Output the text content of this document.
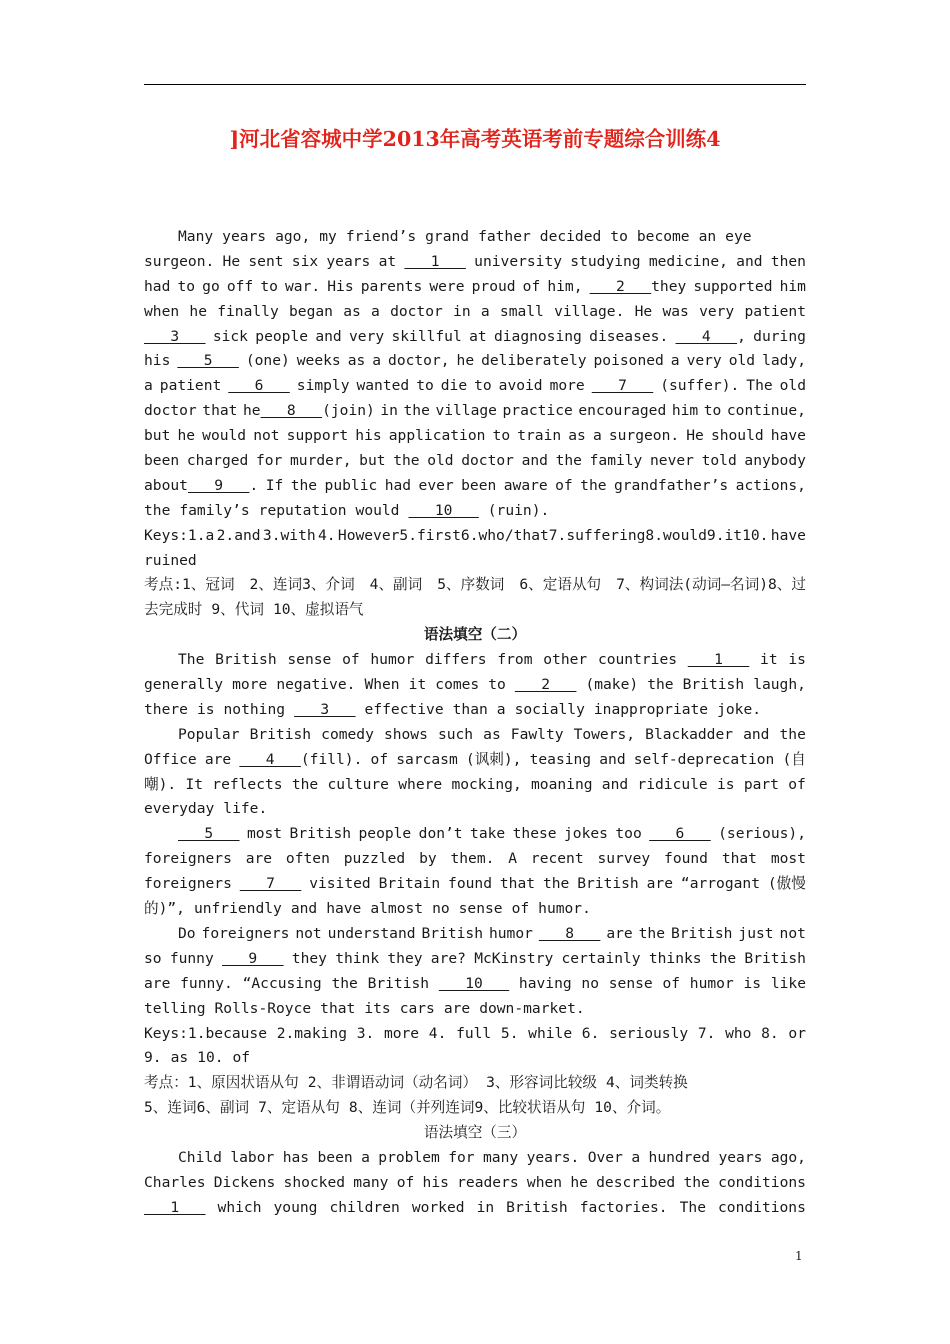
]河北省容城中学2013年高考英语考前专题综合训练4
Many years ago, my friend’s grand father decided to become an eye
surgeon. He sent six years at 1 university studying medicine, and then
had to go off to war. His parents were proud of him, 2   they supported him
when he finally began as a doctor in a small village. He was very patient
3 sick people and very skillful at diagnosing diseases. 4   , during
his 5 (one) weeks as a doctor, he deliberately poisoned a very old lady,
a patient 6 simply wanted to die to avoid more 7 (suffer). The old
doctor that he   8   (join) in the village practice encouraged him to continue,
but he would not support his application to train as a surgeon. He should have
been charged for murder, but the old doctor and the family never told anybody
about   9   . If the public had ever been aware of the grandfather’s actions,
the family’s reputation would 10 (ruin).
Keys:1.a 2.and 3.with 4. However5.first6.who/that7.suffering8.would9.it10. have
ruined
考点:1、冠词 2、连词3、介词 4、副词 5、序数词 6、定语从句 7、构词法(动词—名词)8、过
去完成时 9、代词 10、虚拟语气
语法填空（二）
The British sense of humor differs from other countries 1 it is
generally more negative. When it comes to 2 (make) the British laugh,
there is nothing 3 effective than a socially inappropriate joke.
Popular British comedy shows such as Fawlty Towers, Blackadder and the
Office are 4   (fill). of sarcasm (讽刺), teasing and self-deprecation (自
嘲). It reflects the culture where mocking, moaning and ridicule is part of
everyday life.
5 most British people don’t take these jokes too 6 (serious),
foreigners are often puzzled by them. A recent survey found that most
foreigners 7 visited Britain found that the British are “arrogant (傲慢
的)”, unfriendly and have almost no sense of humor.
Do foreigners not understand British humor 8 are the British just not
so funny 9 they think they are? McKinstry certainly thinks the British
are funny. “Accusing the British 10 having no sense of humor is like
telling Rolls-Royce that its cars are down-market.
Keys:1.because 2.making 3. more 4. full 5. while 6. seriously 7. who 8. or
9. as 10. of
考点：1、原因状语从句 2、非谓语动词（动名词） 3、形容词比较级 4、词类转换
5、连词6、副词 7、定语从句 8、连词（并列连词9、比较状语从句 10、介词。
语法填空（三）
Child labor has been a problem for many years. Over a hundred years ago,
Charles Dickens shocked many of his readers when he described the conditions
1 which young children worked in British factories. The conditions
1
